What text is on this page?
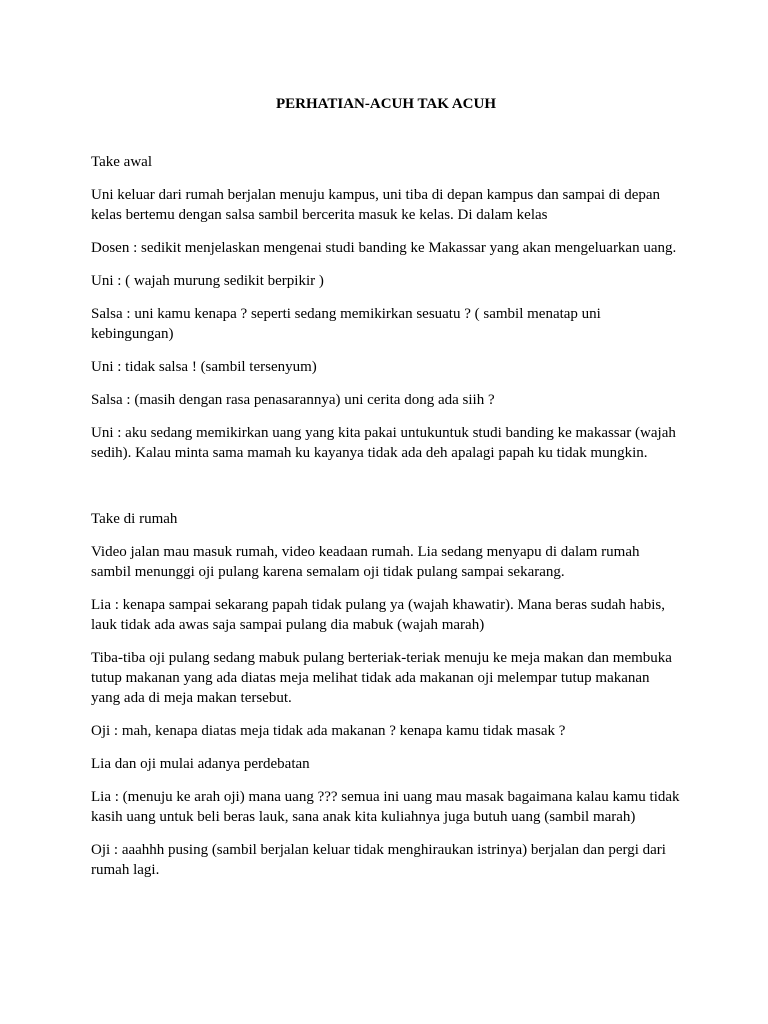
PERHATIAN-ACUH TAK ACUH

Take awal

Uni keluar dari rumah berjalan menuju kampus, uni tiba di depan kampus dan sampai di depan kelas bertemu dengan salsa sambil bercerita masuk ke kelas. Di dalam kelas

Dosen : sedikit menjelaskan mengenai studi banding ke Makassar yang akan mengeluarkan uang.

Uni : ( wajah murung sedikit berpikir )

Salsa : uni kamu kenapa ? seperti sedang memikirkan sesuatu ? ( sambil menatap uni kebingungan)

Uni : tidak salsa ! (sambil tersenyum)

Salsa : (masih dengan rasa penasarannya) uni cerita dong ada siih ?

Uni : aku sedang memikirkan uang yang kita pakai untukuntuk studi banding ke makassar (wajah sedih). Kalau minta sama mamah ku kayanya tidak ada deh apalagi papah ku tidak mungkin.

Take di rumah

Video jalan mau masuk rumah, video keadaan rumah. Lia sedang menyapu di dalam rumah sambil menunggi oji pulang karena semalam oji tidak pulang sampai sekarang.

Lia : kenapa sampai sekarang papah tidak pulang ya (wajah khawatir). Mana beras sudah habis, lauk tidak ada awas saja sampai pulang dia mabuk (wajah marah)

Tiba-tiba oji pulang sedang mabuk pulang berteriak-teriak menuju ke meja makan dan membuka tutup makanan yang ada diatas meja melihat tidak ada makanan oji melempar tutup makanan yang ada di meja makan tersebut.

Oji : mah, kenapa diatas meja tidak ada makanan ? kenapa kamu tidak masak ?

Lia dan oji mulai adanya perdebatan

Lia : (menuju ke arah oji) mana uang ??? semua ini uang mau masak bagaimana kalau kamu tidak kasih uang untuk beli beras lauk, sana anak kita kuliahnya juga butuh uang (sambil marah)

Oji : aaahhh pusing (sambil berjalan keluar tidak menghiraukan istrinya) berjalan dan pergi dari rumah lagi.
